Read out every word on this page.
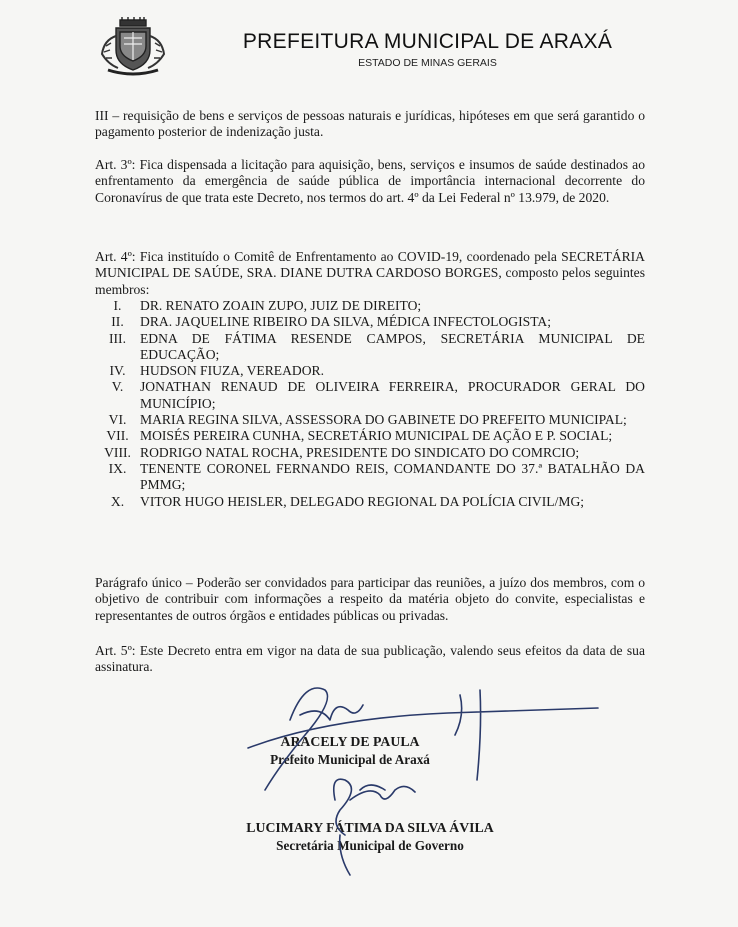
PREFEITURA MUNICIPAL DE ARAXÁ
ESTADO DE MINAS GERAIS
III – requisição de bens e serviços de pessoas naturais e jurídicas, hipóteses em que será garantido o pagamento posterior de indenização justa.
Art. 3º: Fica dispensada a licitação para aquisição, bens, serviços e insumos de saúde destinados ao enfrentamento da emergência de saúde pública de importância internacional decorrente do Coronavírus de que trata este Decreto, nos termos do art. 4º da Lei Federal nº 13.979, de 2020.
Art. 4º: Fica instituído o Comitê de Enfrentamento ao COVID-19, coordenado pela SECRETÁRIA MUNICIPAL DE SAÚDE, SRA. DIANE DUTRA CARDOSO BORGES, composto pelos seguintes membros:
I.	DR. RENATO ZOAIN ZUPO, JUIZ DE DIREITO;
II.	DRA. JAQUELINE RIBEIRO DA SILVA, MÉDICA INFECTOLOGISTA;
III.	EDNA DE FÁTIMA RESENDE CAMPOS, SECRETÁRIA MUNICIPAL DE EDUCAÇÃO;
IV.	HUDSON FIUZA, VEREADOR.
V.	JONATHAN RENAUD DE OLIVEIRA FERREIRA, PROCURADOR GERAL DO MUNICÍPIO;
VI.	MARIA REGINA SILVA, ASSESSORA DO GABINETE DO PREFEITO MUNICIPAL;
VII. MOISÉS PEREIRA CUNHA, SECRETÁRIO MUNICIPAL DE AÇÃO E P. SOCIAL;
VIII. RODRIGO NATAL ROCHA, PRESIDENTE DO SINDICATO DO COMRCIO;
IX.	TENENTE CORONEL FERNANDO REIS, COMANDANTE DO 37.ª BATALHÃO DA PMMG;
X.	VITOR HUGO HEISLER, DELEGADO REGIONAL DA POLÍCIA CIVIL/MG;
Parágrafo único – Poderão ser convidados para participar das reuniões, a juízo dos membros, com o objetivo de contribuir com informações a respeito da matéria objeto do convite, especialistas e representantes de outros órgãos e entidades públicas ou privadas.
Art. 5º: Este Decreto entra em vigor na data de sua publicação, valendo seus efeitos da data de sua assinatura.
ARACELY DE PAULA
Prefeito Municipal de Araxá
LUCIMARY FÁTIMA DA SILVA ÁVILA
Secretária Municipal de Governo
